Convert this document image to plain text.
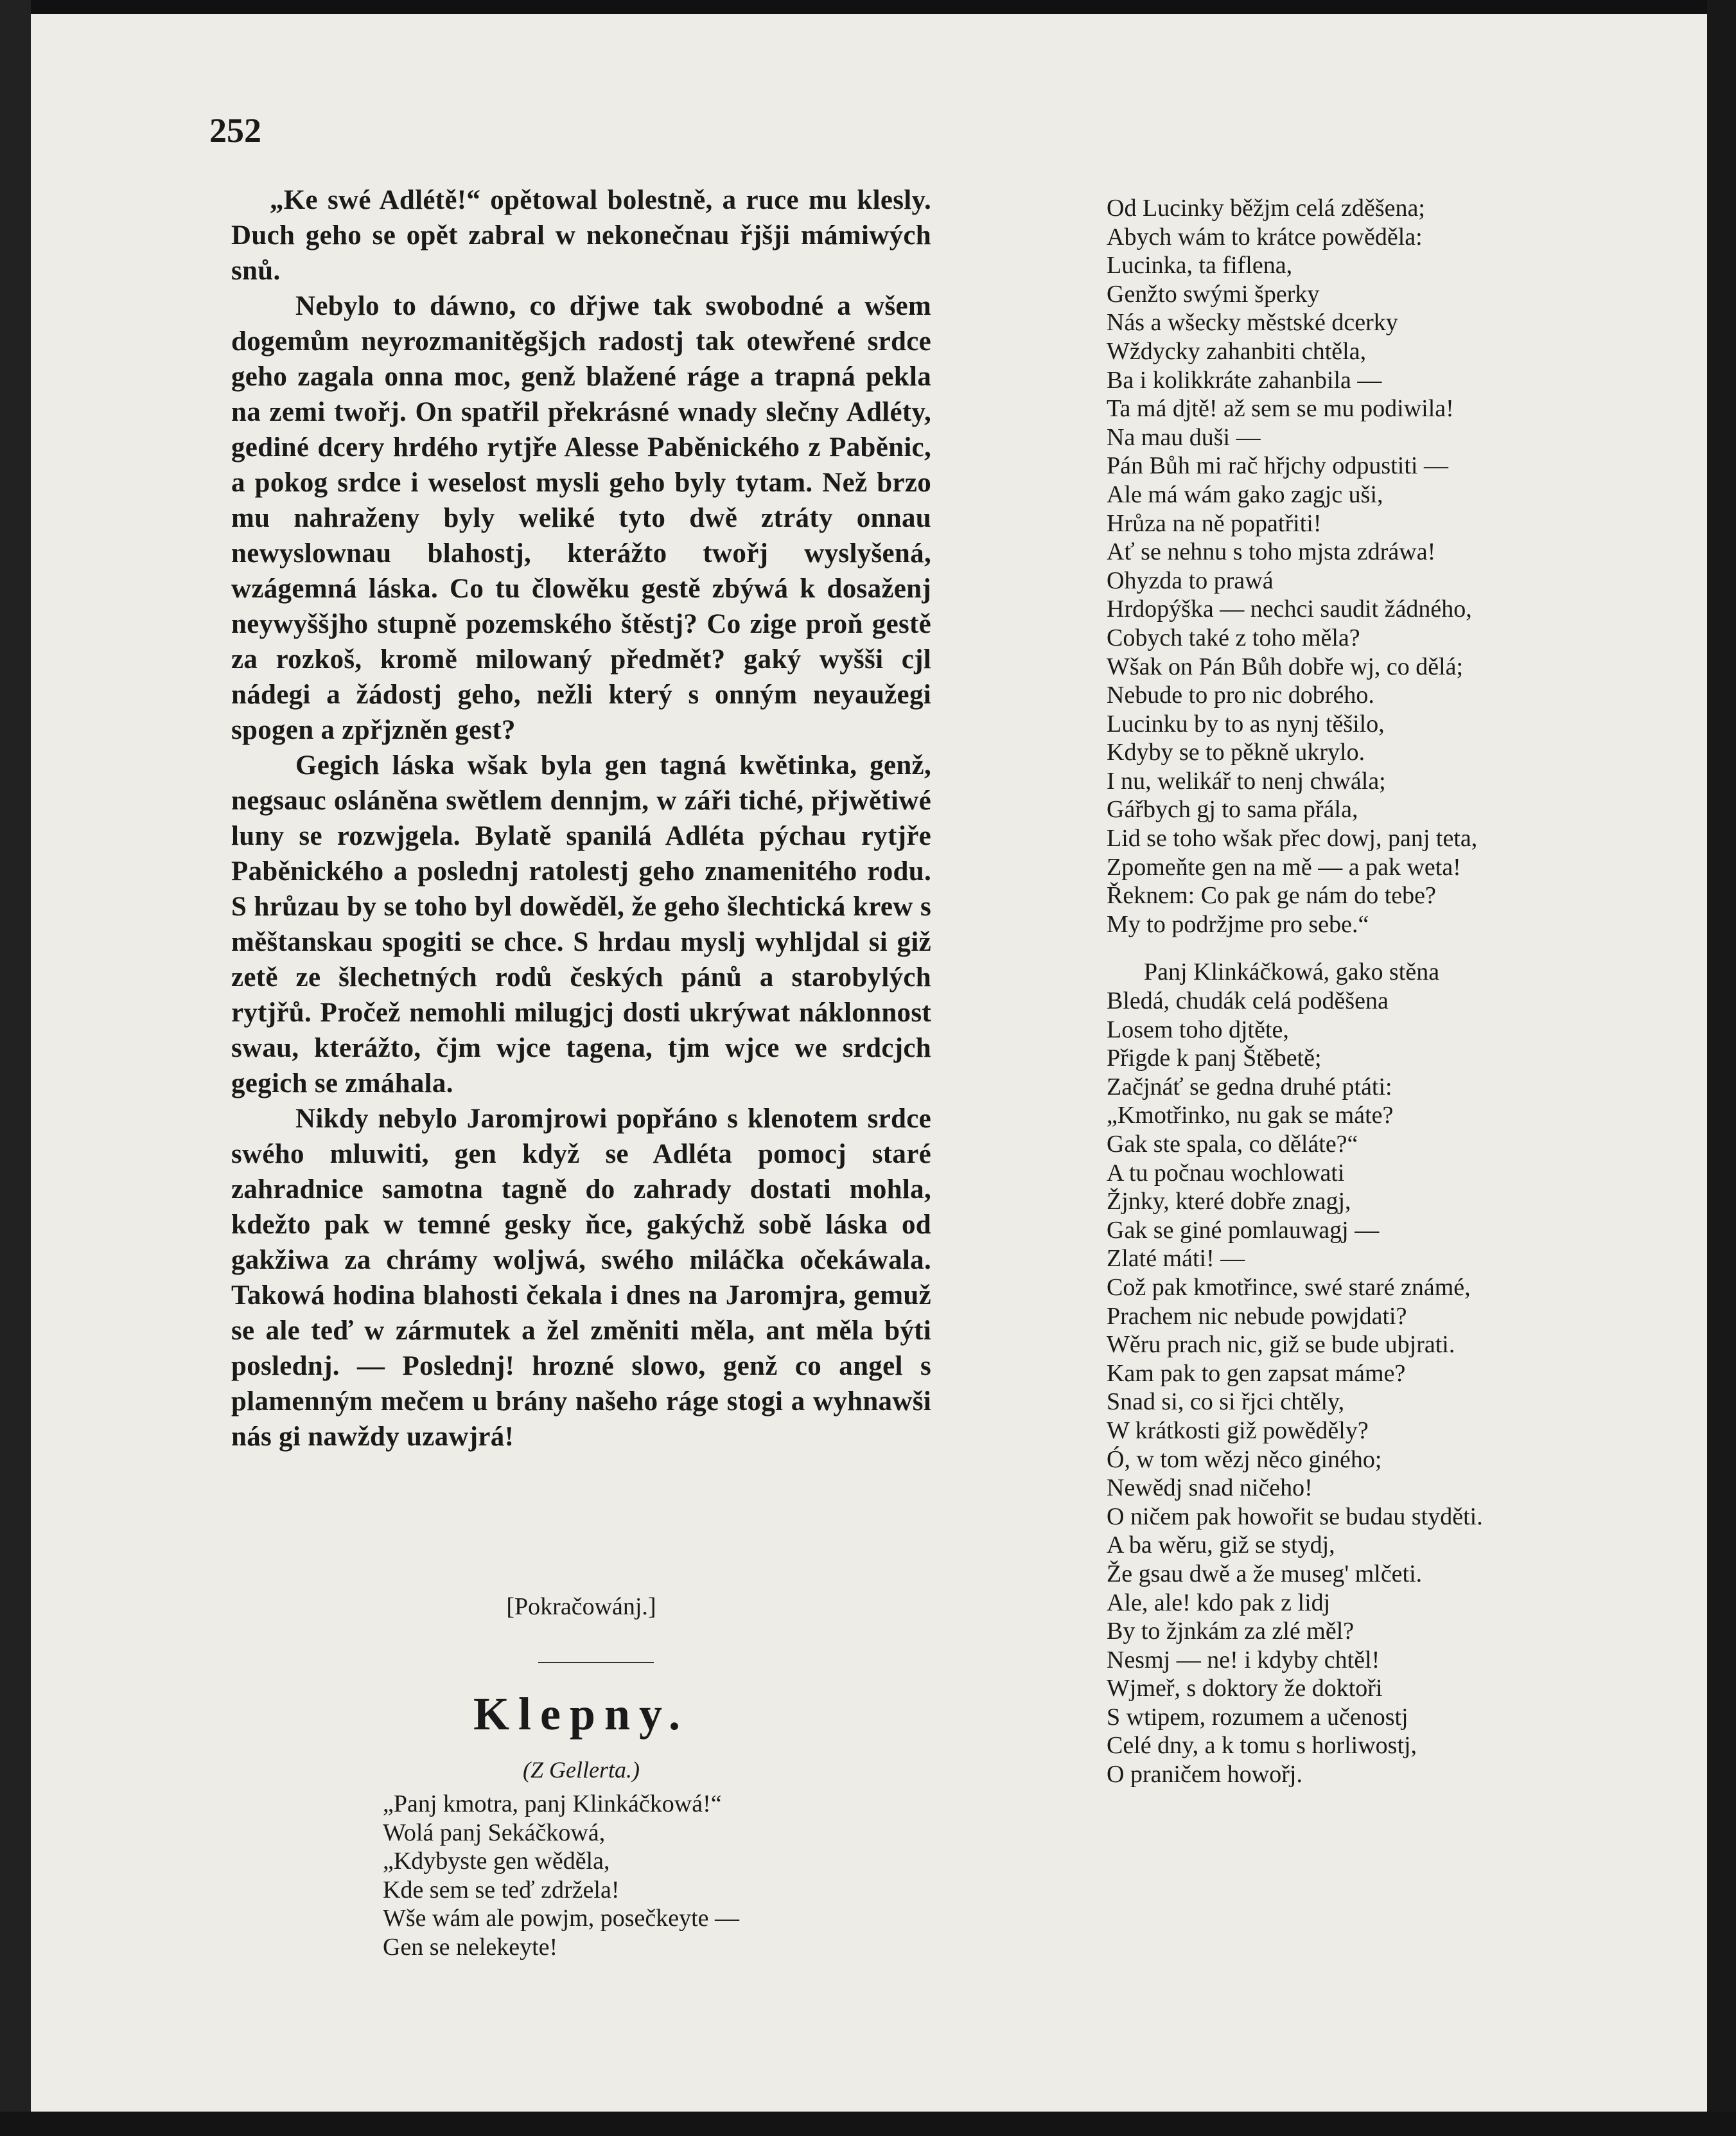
252

„Ke swé Adlétě!“ opětowal bolestně, a ruce mu klesly. Duch geho se opět zabral w nekonečnau řjšji mámiwých snů.

Nebylo to dáwno, co dřjwe tak swobodné a wšem dogemům neyrozmanitěgšjch radostj tak otewřené srdce geho zagala onna moc, genž blažené ráge a trapná pekla na zemi twořj. On spatřil překrásné wnady slečny Adléty, gediné dcery hrdého rytjře Alesse Paběnického z Paběnic, a pokog srdce i weselost mysli geho byly tytam. Než brzo mu nahraženy byly weliké tyto dwě ztráty onnau newyslownau blahostj, kterážto twořj wyslyšená, wzágemná láska. Co tu člowěku gestě zbýwá k dosaženj neywyššjho stupně pozemského štěstj? Co zige proň gestě za rozkoš, kromě milowaný předmět? gaký wyšši cjl nádegi a žádostj geho, nežli který s onným neyaužegi spogen a zpřjzněn gest?

Gegich láska wšak byla gen tagná kwětinka, genž, negsauc osláněna swětlem dennjm, w záři tiché, přjwětiwé luny se rozwjgela. Bylatě spanilá Adléta pýchau rytjře Paběnického a poslednj ratolestj geho znamenitého rodu. S hrůzau by se toho byl dowěděl, že geho šlechtická krew s měštanskau spogiti se chce. S hrdau myslj wyhljdal si giž zetě ze šlechetných rodů českých pánů a starobylých rytjřů. Pročež nemohli milugjcj dosti ukrýwat náklonnost swau, kterážto, čjm wjce tagena, tjm wjce we srdcjch gegich se zmáhala.

Nikdy nebylo Jaromjrowi popřáno s klenotem srdce swého mluwiti, gen když se Adléta pomocj staré zahradnice samotna tagně do zahrady dostati mohla, kdežto pak w temné gesky ňce, gakýchž sobě láska od gakžiwa za chrámy woljwá, swého miláčka očekáwala. Takowá hodina blahosti čekala i dnes na Jaromjra, gemuž se ale teď w zármutek a žel změniti měla, ant měla býti poslednj. — Poslednj! hrozné slowo, genž co angel s plamenným mečem u brány našeho ráge stogi a wyhnawši nás gi nawždy uzawjrá!

[Pokračowánj.]
Klepny.
(Z Gellerta.)
„Panj kmotra, panj Klinkáčkowá!“
Wolá panj Sekáčkowá,
„Kdybyste gen wěděla,
Kde sem se teď zdržela!
Wše wám ale powjm, posečkeyte —
Gen se nelekeyte!
Od Lucinky běžjm celá zděšena;
Abych wám to krátce powěděla:
Lucinka, ta fiflena,
Genžto swými šperky
Nás a wšecky městské dcerky
Wždycky zahanbiti chtěla,
Ba i kolikkráte zahanbila —
Ta má djtě! až sem se mu podiwila!
Na mau duši —
Pán Bůh mi rač hřjchy odpustiti —
Ale má wám gako zagjc uši,
Hrůza na ně popatřiti!
Ať se nehnu s toho mjsta zdráwa!
Ohyzda to prawá
Hrdopýška — nechci saudit žádného,
Cobych také z toho měla?
Wšak on Pán Bůh dobře wj, co dělá;
Nebude to pro nic dobrého.
Lucinku by to as nynj těšilo,
Kdyby se to pěkně ukrylo.
I nu, welikář to nenj chwála;
Gářbych gj to sama přála,
Lid se toho wšak přec dowj, panj teta,
Zpomeňte gen na mě — a pak weta!
Řeknem: Co pak ge nám do tebe?
My to podržjme pro sebe.“
Panj Klinkáčkowá, gako stěna
Bledá, chudák celá poděšena
Losem toho djtěte,
Přigde k panj Štěbetě;
Začjnáť se gedna druhé ptáti:
„Kmotřinko, nu gak se máte?
Gak ste spala, co děláte?“
A tu počnau wochlowati
Žjnky, které dobře znagj,
Gak se giné pomlauwagj —
Zlaté máti! —
Což pak kmotřince, swé staré známé,
Prachem nic nebude powjdati?
Wěru prach nic, giž se bude ubjrati.
Kam pak to gen zapsat máme?
Snad si, co si řjci chtěly,
W krátkosti giž powěděly?
Ó, w tom wězj něco giného;
Newědj snad ničeho!
O ničem pak howořit se budau styděti.
A ba wěru, giž se stydj,
Že gsau dwě a že museg' mlčeti.
Ale, ale! kdo pak z lidj
By to žjnkám za zlé měl?
Nesmj — ne! i kdyby chtěl!
Wjmeř, s doktory že doktoři
S wtipem, rozumem a učenostj
Celé dny, a k tomu s horliwostj,
O praničem howořj.
